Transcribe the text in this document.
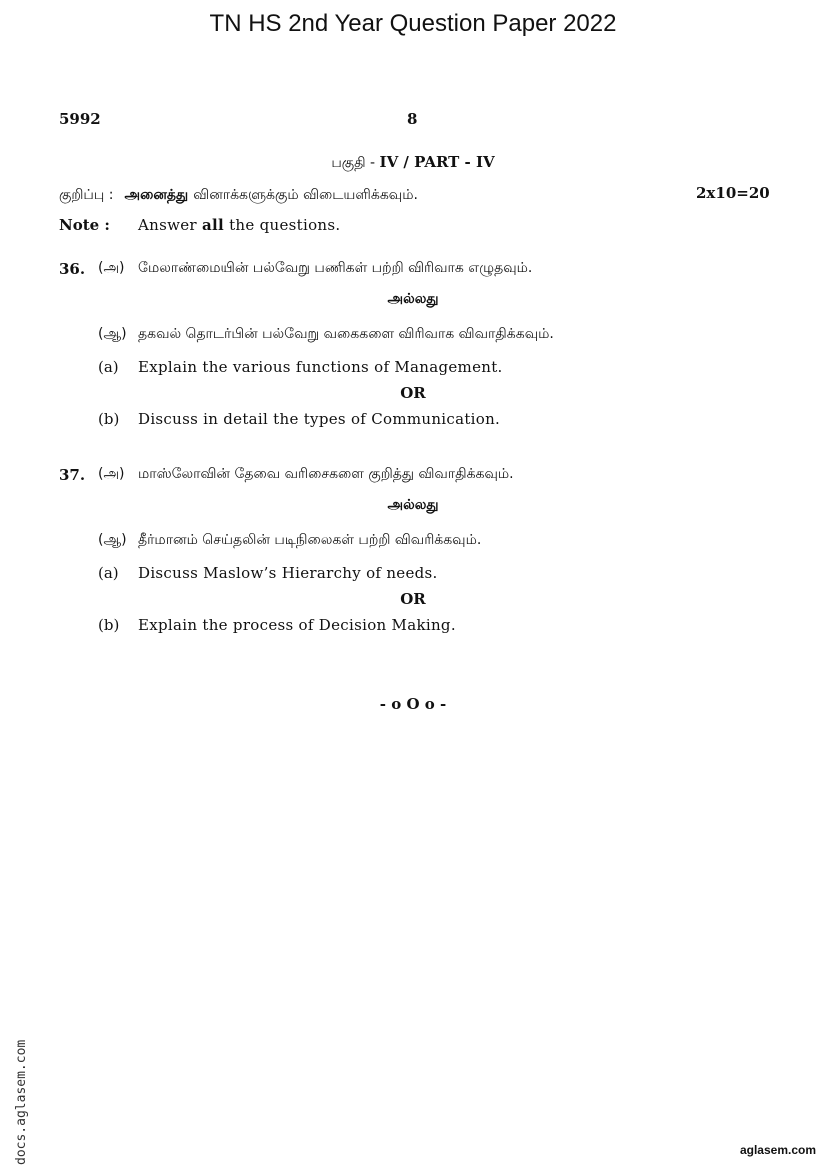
TN HS 2nd Year Question Paper 2022
5992	8
பகுதி - IV / PART - IV
குறிப்பு : அனைத்து வினாக்களுக்கும் விடையளிக்கவும்.	2x10=20
Note : Answer all the questions.
36. (அ) மேலாண்மையின் பல்வேறு பணிகள் பற்றி விரிவாக எழுதவும்.
அல்லது
(ஆ) தகவல் தொடர்பின் பல்வேறு வகைகளை விரிவாக விவாதிக்கவும்.
(a) Explain the various functions of Management.
OR
(b) Discuss in detail the types of Communication.
37. (அ) மாஸ்லோவின் தேவை வரிசைகளை குறித்து விவாதிக்கவும்.
அல்லது
(ஆ) தீர்மானம் செய்தலின் படிநிலைகள் பற்றி விவரிக்கவும்.
(a) Discuss Maslow’s Hierarchy of needs.
OR
(b) Explain the process of Decision Making.
- o O o -
docs.aglasem.com	aglasem.com
